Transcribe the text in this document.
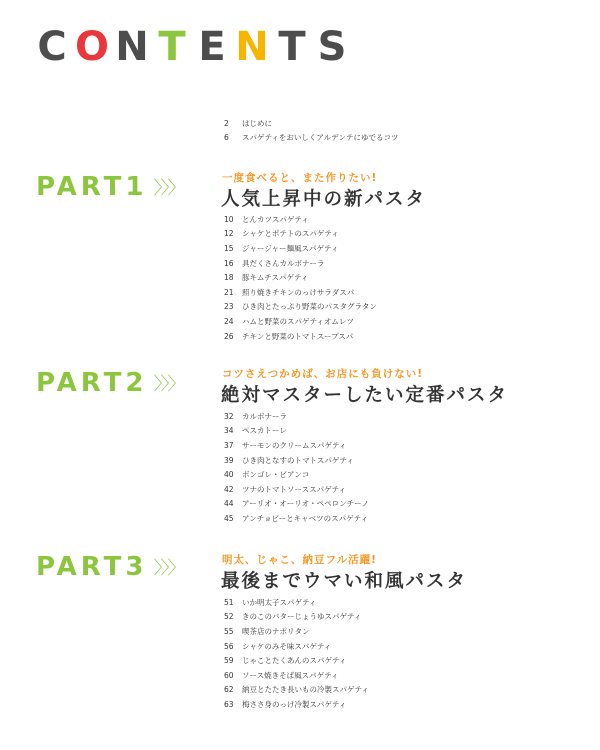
C O N T E N T S
2	はじめに
6	スパゲティをおいしくアルデンテにゆでるコツ
PART1 〉〉〉	一度食べると、また作りたい!
人気上昇中の新パスタ
10	とんカツスパゲティ
12	シャケとポテトのスパゲティ
15	ジャージャー麺風スパゲティ
16	具だくさんカルボナーラ
18	豚キムチスパゲティ
21	照り焼きチキンのっけサラダスパ
23	ひき肉とたっぷり野菜のパスタグラタン
24	ハムと野菜のスパゲティオムレツ
26	チキンと野菜のトマトスープスパ
PART2 〉〉〉	コツさえつかめば、お店にも負けない!
絶対マスターしたい定番パスタ
32	カルボナーラ
34	ペスカトーレ
37	サーモンのクリームスパゲティ
39	ひき肉となすのトマトスパゲティ
40	ボンゴレ・ビアンコ
42	ツナのトマトソーススパゲティ
44	アーリオ・オーリオ・ペペロンチーノ
45	アンチョビーとキャベツのスパゲティ
PART3 〉〉〉	明太、じゃこ、納豆フル活躍!
最後までウマい和風パスタ
51	いか明太子スパゲティ
52	きのこのバターじょうゆスパゲティ
55	喫茶店のナポリタン
56	シャケのみそ味スパゲティ
59	じゃことたくあんのスパゲティ
60	ソース焼きそば風スパゲティ
62	納豆とたたき長いもの冷製スパゲティ
63	梅ささ身のっけ冷製スパゲティ
